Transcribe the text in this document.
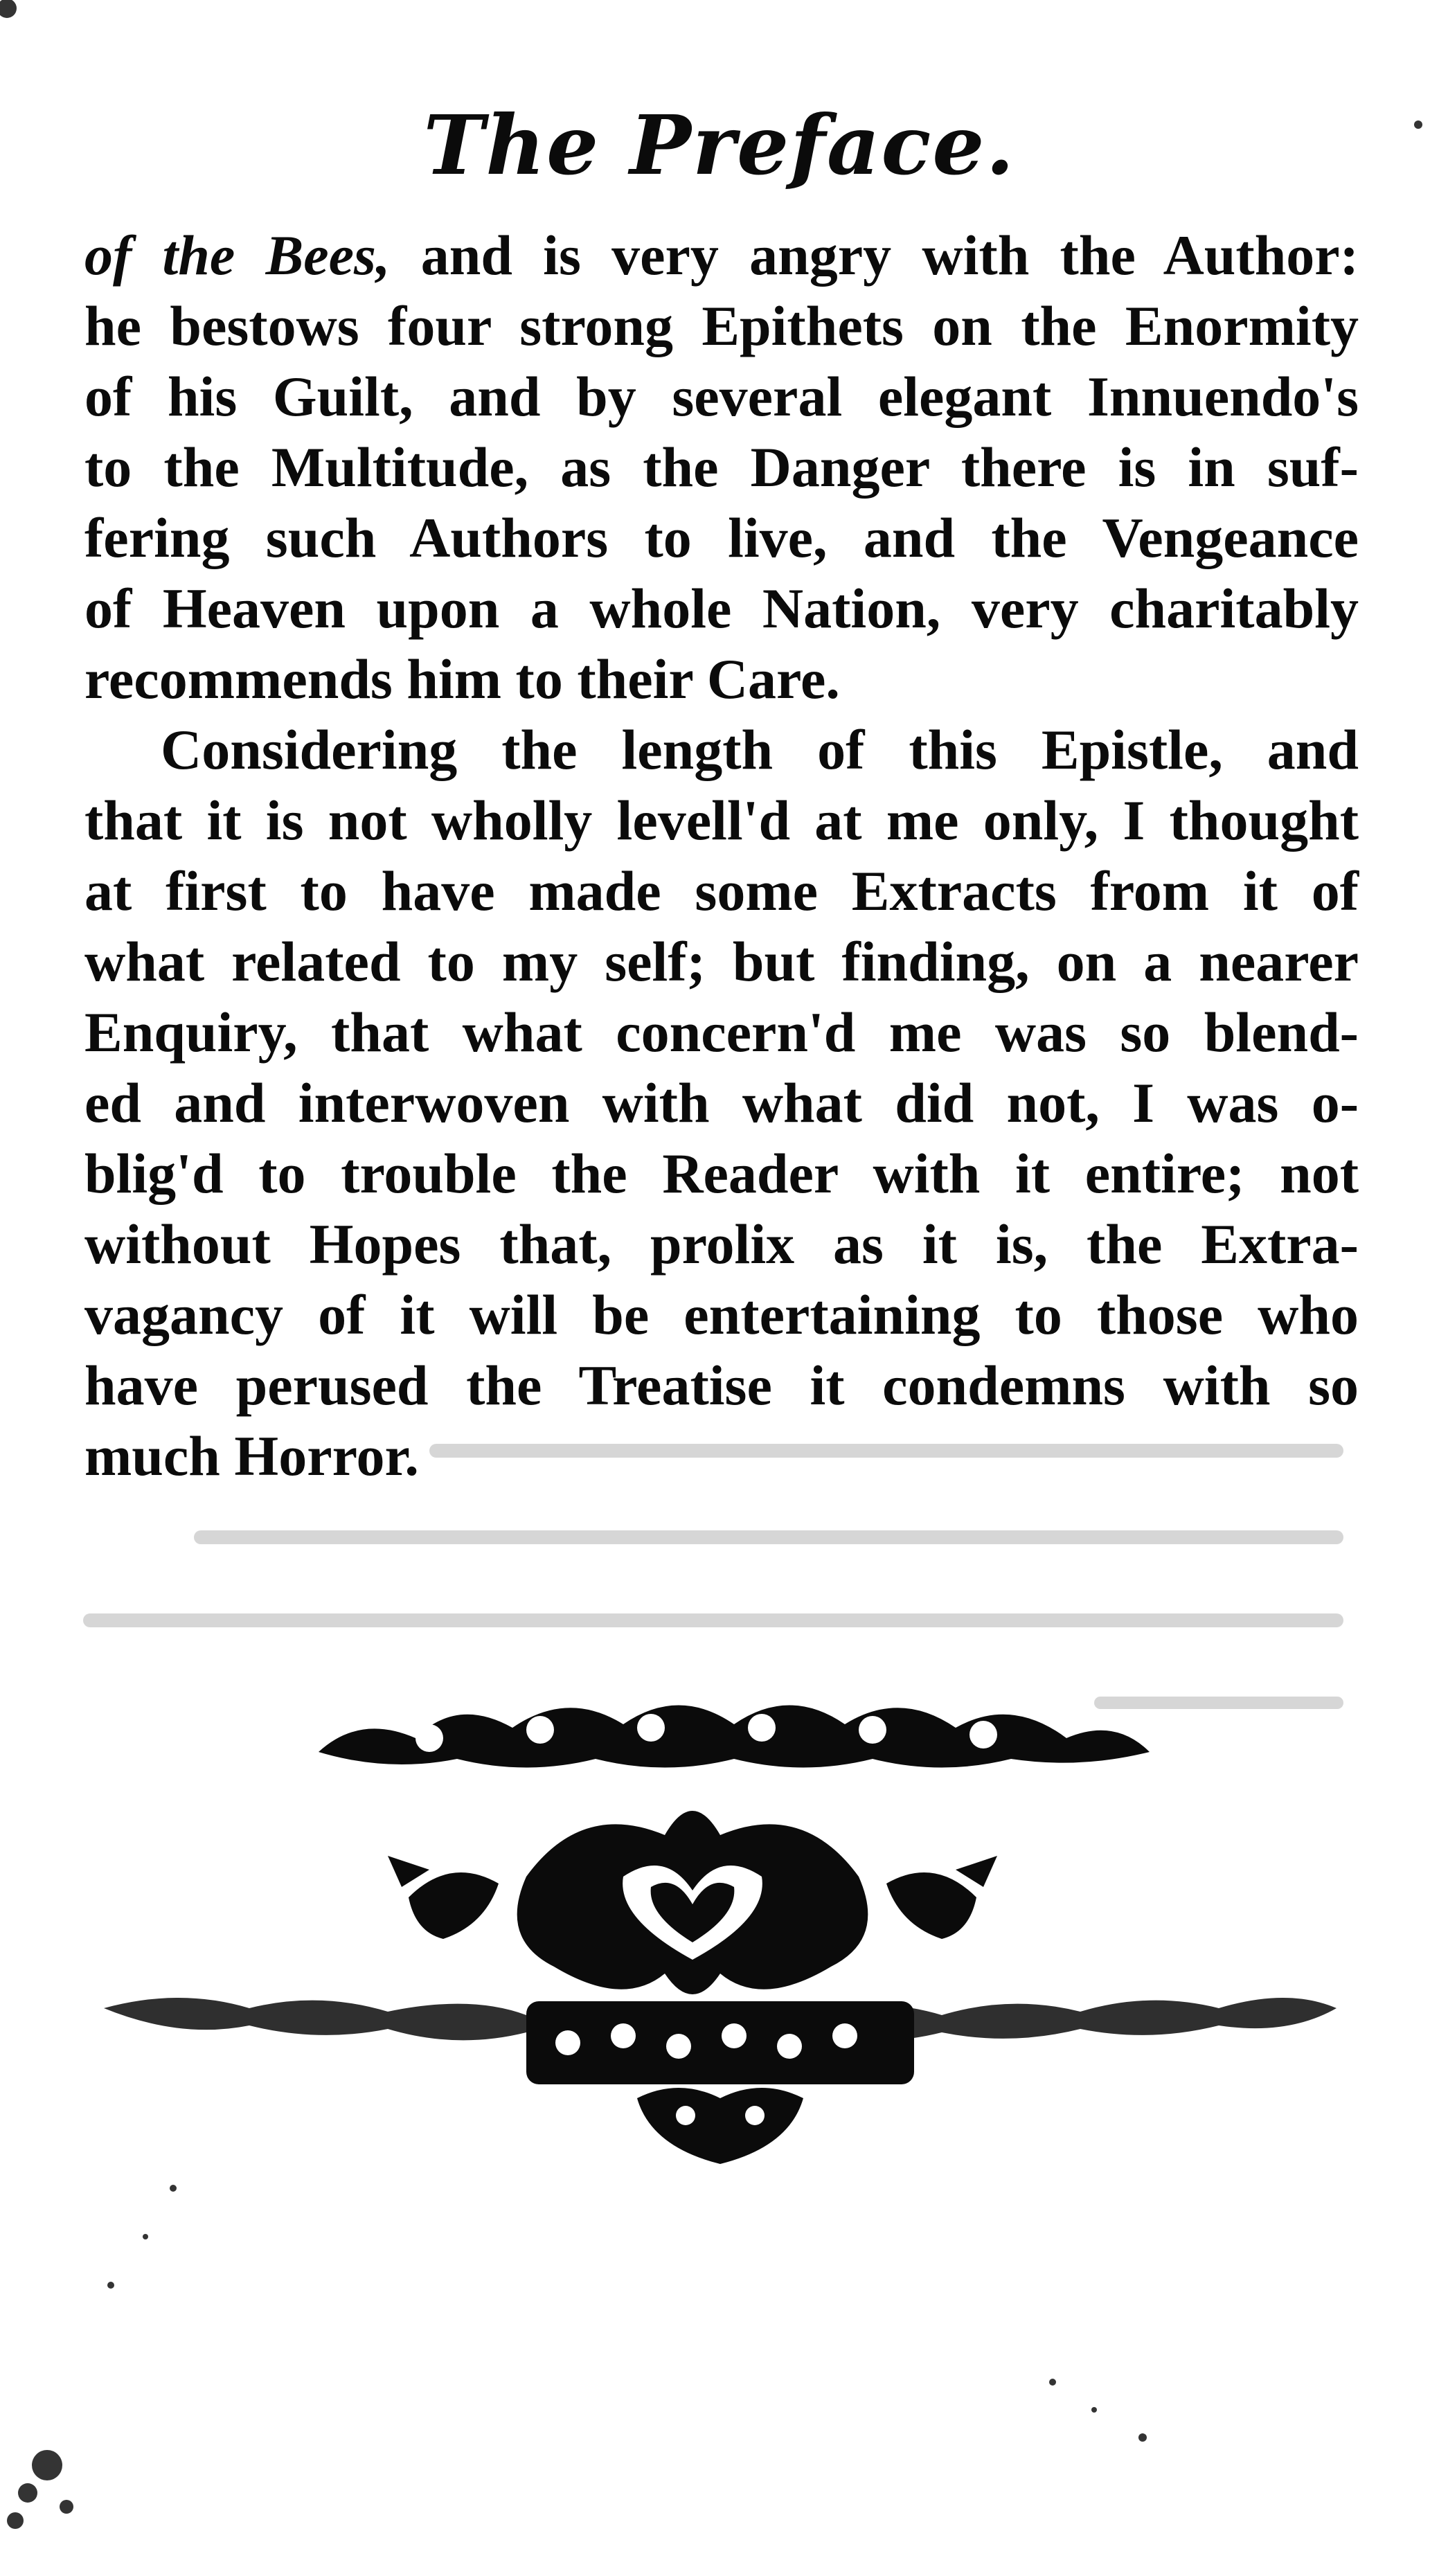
The Preface.
of the Bees, and is very angry with the Author:
he bestows four strong Epithets on the Enormity
of his Guilt, and by several elegant Innuendo's
to the Multitude, as the Danger there is in suf-
fering such Authors to live, and the Vengeance
of Heaven upon a whole Nation, very charitably
recommends him to their Care.
Considering the length of this Epistle, and
that it is not wholly levell'd at me only, I thought
at first to have made some Extracts from it of
what related to my self; but finding, on a nearer
Enquiry, that what concern'd me was so blend-
ed and interwoven with what did not, I was o-
blig'd to trouble the Reader with it entire; not
without Hopes that, prolix as it is, the Extra-
vagancy of it will be entertaining to those who
have perused the Treatise it condemns with so
much Horror.
